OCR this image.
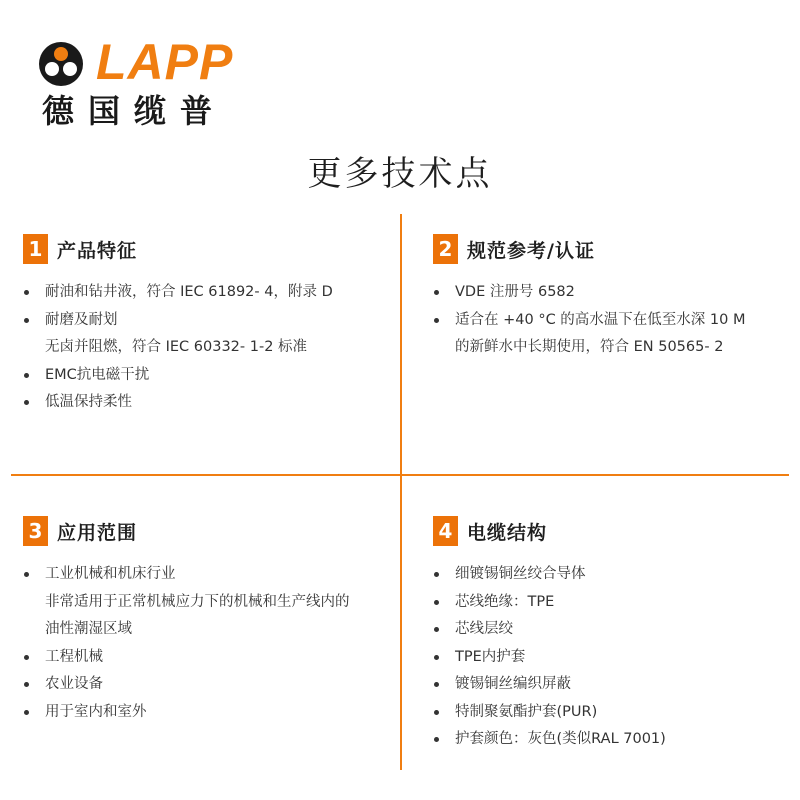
LAPP
德国缆普
更多技术点
1 产品特征
耐油和钻井液，符合 IEC 61892- 4，附录 D
耐磨及耐划
无卤并阻燃，符合 IEC 60332- 1-2 标准
EMC抗电磁干扰
低温保持柔性
2 规范参考/认证
VDE 注册号 6582
适合在 +40 °C 的高水温下在低至水深 10 M
的新鲜水中长期使用，符合 EN 50565- 2
3 应用范围
工业机械和机床行业
非常适用于正常机械应力下的机械和生产线内的
油性潮湿区域
工程机械
农业设备
用于室内和室外
4 电缆结构
细镀锡铜丝绞合导体
芯线绝缘：TPE
芯线层绞
TPE内护套
镀锡铜丝编织屏蔽
特制聚氨酯护套(PUR)
护套颜色：灰色(类似RAL 7001)
